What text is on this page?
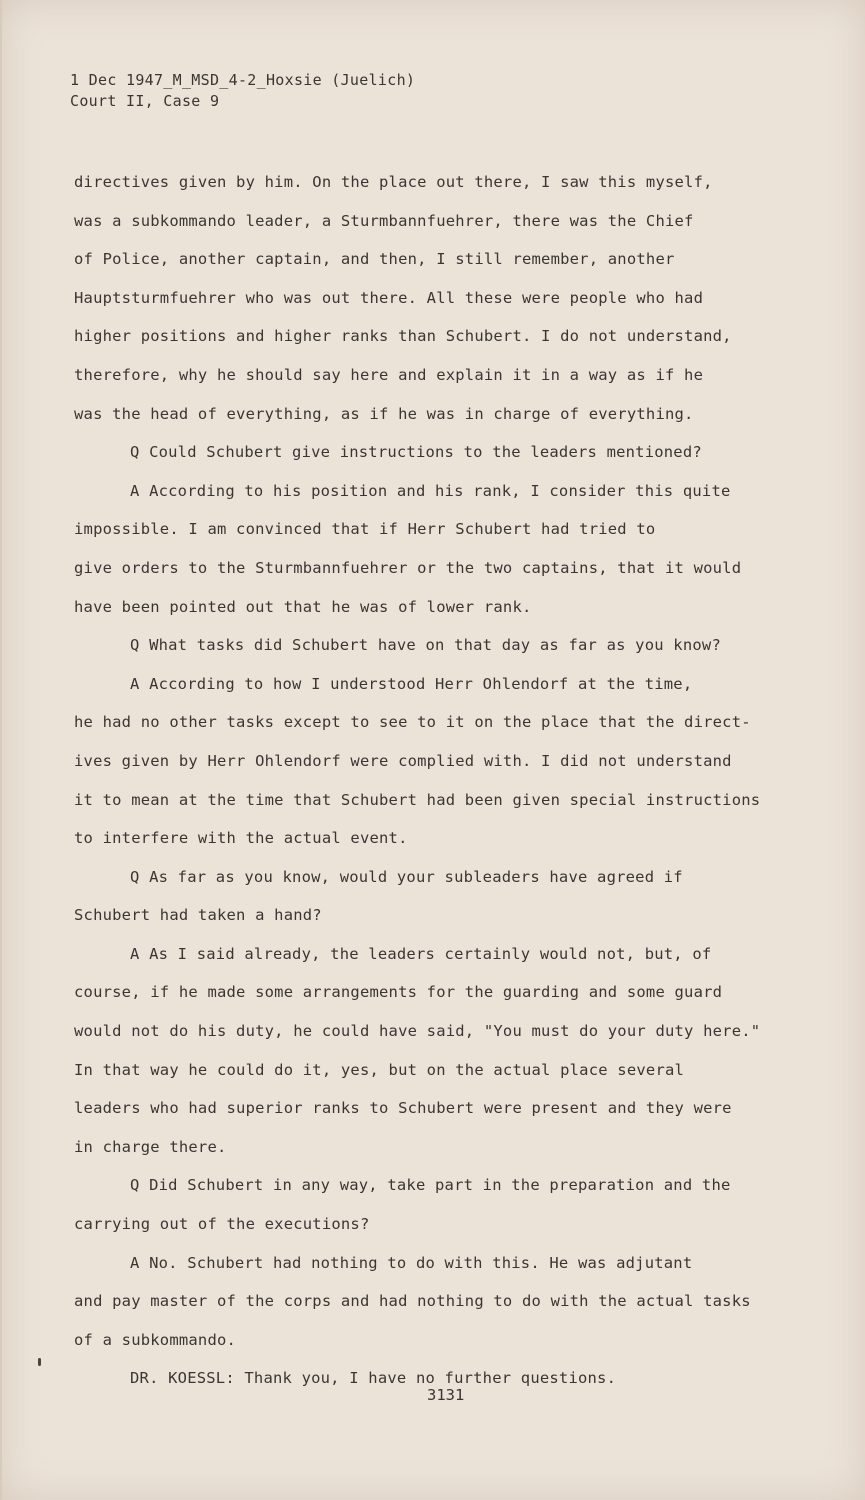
1 Dec 1947_M_MSD_4-2_Hoxsie (Juelich)
Court II, Case 9
directives given by him. On the place out there, I saw this myself,
was a subkommando leader, a Sturmbannfuehrer, there was the Chief
of Police, another captain, and then, I still remember, another
Hauptsturmfuehrer who was out there. All these were people who had
higher positions and higher ranks than Schubert. I do not understand,
therefore, why he should say here and explain it in a way as if he
was the head of everything, as if he was in charge of everything.
Q Could Schubert give instructions to the leaders mentioned?
A According to his position and his rank, I consider this quite
impossible. I am convinced that if Herr Schubert had tried to
give orders to the Sturmbannfuehrer or the two captains, that it would
have been pointed out that he was of lower rank.
Q What tasks did Schubert have on that day as far as you know?
A According to how I understood Herr Ohlendorf at the time,
he had no other tasks except to see to it on the place that the direct-
ives given by Herr Ohlendorf were complied with. I did not understand
it to mean at the time that Schubert had been given special instructions
to interfere with the actual event.
Q As far as you know, would your subleaders have agreed if
Schubert had taken a hand?
A As I said already, the leaders certainly would not, but, of
course, if he made some arrangements for the guarding and some guard
would not do his duty, he could have said, "You must do your duty here."
In that way he could do it, yes, but on the actual place several
leaders who had superior ranks to Schubert were present and they were
in charge there.
Q Did Schubert in any way, take part in the preparation and the
carrying out of the executions?
A No. Schubert had nothing to do with this. He was adjutant
and pay master of the corps and had nothing to do with the actual tasks
of a subkommando.
DR. KOESSL: Thank you, I have no further questions.
3131
